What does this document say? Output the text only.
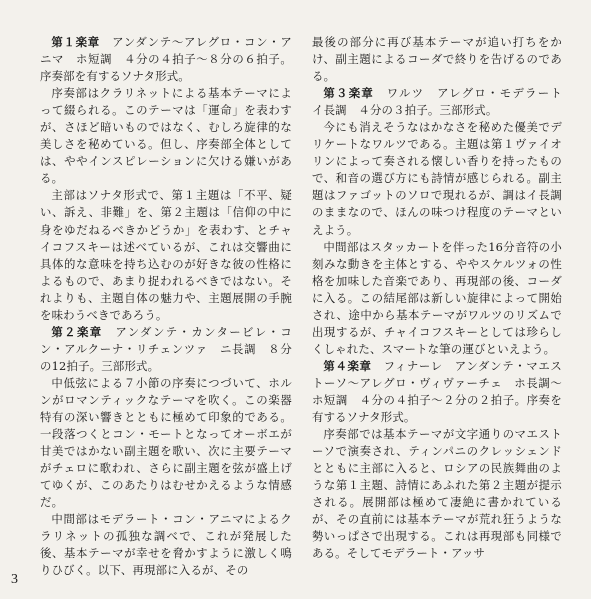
第１楽章　 アンダンテ〜アレグロ・コン・アニマ　ホ短調　４分の４拍子〜８分の６拍子。序奏部を有するソナタ形式。

序奏部はクラリネットによる基本テーマによって綴られる。このテーマは「運命」を表わすが、さほど暗いものではなく、むしろ旋律的な美しさを秘めている。但し、序奏部全体としては、ややインスピレーションに欠ける嫌いがある。

主部はソナタ形式で、第１主題は「不平、疑い、訴え、非難」を、第２主題は「信仰の中に身をゆだねるべきかどうか」を表わす、とチャイコフスキーは述べているが、これは交響曲に具体的な意味を持ち込むのが好きな彼の性格によるもので、あまり捉われるべきではない。それよりも、主題自体の魅力や、主題展開の手腕を味わうべきであろう。

第２楽章　 アンダンテ・カンタービレ・コン・アルクーナ・リチェンツァ　ニ長調　８分の12拍子。三部形式。

中低弦による７小節の序奏につづいて、ホルンがロマンティックなテーマを吹く。この楽器特有の深い響きとともに極めて印象的である。一段落つくとコン・モートとなってオーボエが甘美ではかない副主題を歌い、次に主要テーマがチェロに歌われ、さらに副主題を弦が盛上げてゆくが、このあたりはむせかえるような情感だ。

中間部はモデラート・コン・アニマによるクラリネットの孤独な調べで、これが発展した後、基本テーマが幸せを脅かすように激しく鳴りひびく。以下、再現部に入るが、その

最後の部分に再び基本テーマが追い打ちをかけ、副主題によるコーダで終りを告げるのである。

第３楽章　 ワルツ　アレグロ・モデラート　イ長調　４分の３拍子。三部形式。

今にも消えそうなはかなさを秘めた優美でデリケートなワルツである。主題は第１ヴァイオリンによって奏される懐しい香りを持ったもので、和音の選び方にも詩情が感じられる。副主題はファゴットのソロで現れるが、調はイ長調のままなので、ほんの味つけ程度のテーマといえよう。

中間部はスタッカートを伴った16分音符の小刻みな動きを主体とする、ややスケルツォの性格を加味した音楽であり、再現部の後、コーダに入る。この結尾部は新しい旋律によって開始され、途中から基本テーマがワルツのリズムで出現するが、チャイコフスキーとしては珍らしくしゃれた、スマートな筆の運びといえよう。

第４楽章　 フィナーレ　アンダンテ・マエストーソ〜アレグロ・ヴィヴァーチェ　ホ長調〜ホ短調　４分の４拍子〜２分の２拍子。序奏を有するソナタ形式。

序奏部では基本テーマが文字通りのマエストーソで演奏され、ティンパニのクレッシェンドとともに主部に入ると、ロシアの民族舞曲のような第１主題、詩情にあふれた第２主題が提示される。展開部は極めて凄絶に書かれているが、その直前には基本テーマが荒れ狂うような勢いっぱさで出現する。これは再現部も同様である。そしてモデラート・アッサ

3
